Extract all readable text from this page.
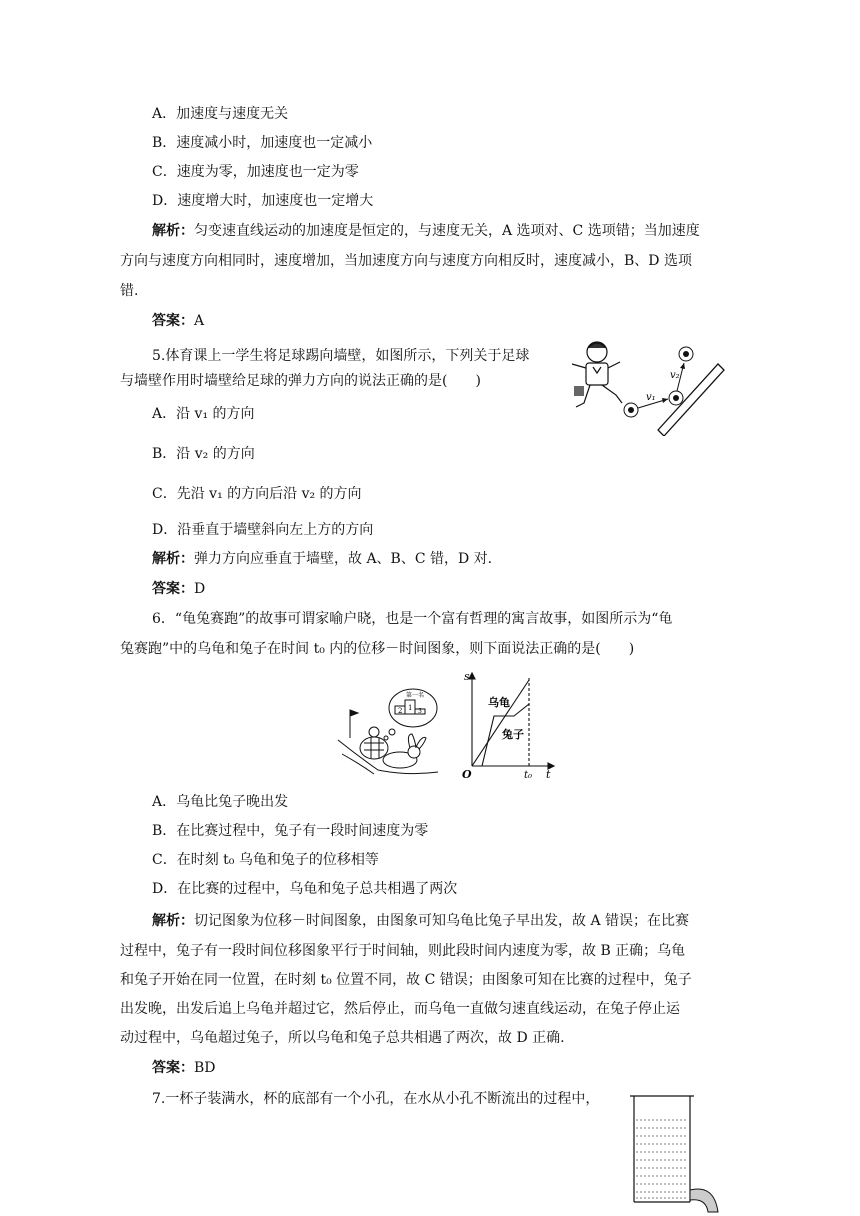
A．加速度与速度无关
B．速度减小时，加速度也一定减小
C．速度为零，加速度也一定为零
D．速度增大时，加速度也一定增大
解析：匀变速直线运动的加速度是恒定的，与速度无关，A 选项对、C 选项错；当加速度
方向与速度方向相同时，速度增加，当加速度方向与速度方向相反时，速度减小，B、D 选项
错.
答案：A
5.体育课上一学生将足球踢向墙壁，如图所示，下列关于足球
与墙壁作用时墙壁给足球的弹力方向的说法正确的是(　　)
v₁
v₂
A．沿 v₁ 的方向
B．沿 v₂ 的方向
C．先沿 v₁ 的方向后沿 v₂ 的方向
D．沿垂直于墙壁斜向左上方的方向
解析：弹力方向应垂直于墙壁，故 A、B、C 错，D 对.
答案：D
6．“龟兔赛跑”的故事可谓家喻户晓，也是一个富有哲理的寓言故事，如图所示为“龟
兔赛跑”中的乌龟和兔子在时间 t₀ 内的位移－时间图象，则下面说法正确的是(　　)
第一名
1
2	3
s
t
O	t₀
乌龟
兔子
A．乌龟比兔子晚出发
B．在比赛过程中，兔子有一段时间速度为零
C．在时刻 t₀ 乌龟和兔子的位移相等
D．在比赛的过程中，乌龟和兔子总共相遇了两次
解析：切记图象为位移－时间图象，由图象可知乌龟比兔子早出发，故 A 错误；在比赛
过程中，兔子有一段时间位移图象平行于时间轴，则此段时间内速度为零，故 B 正确；乌龟
和兔子开始在同一位置，在时刻 t₀ 位置不同，故 C 错误；由图象可知在比赛的过程中，兔子
出发晚，出发后追上乌龟并超过它，然后停止，而乌龟一直做匀速直线运动，在兔子停止运
动过程中，乌龟超过兔子，所以乌龟和兔子总共相遇了两次，故 D 正确.
答案：BD
7.一杯子装满水，杯的底部有一个小孔，在水从小孔不断流出的过程中，
